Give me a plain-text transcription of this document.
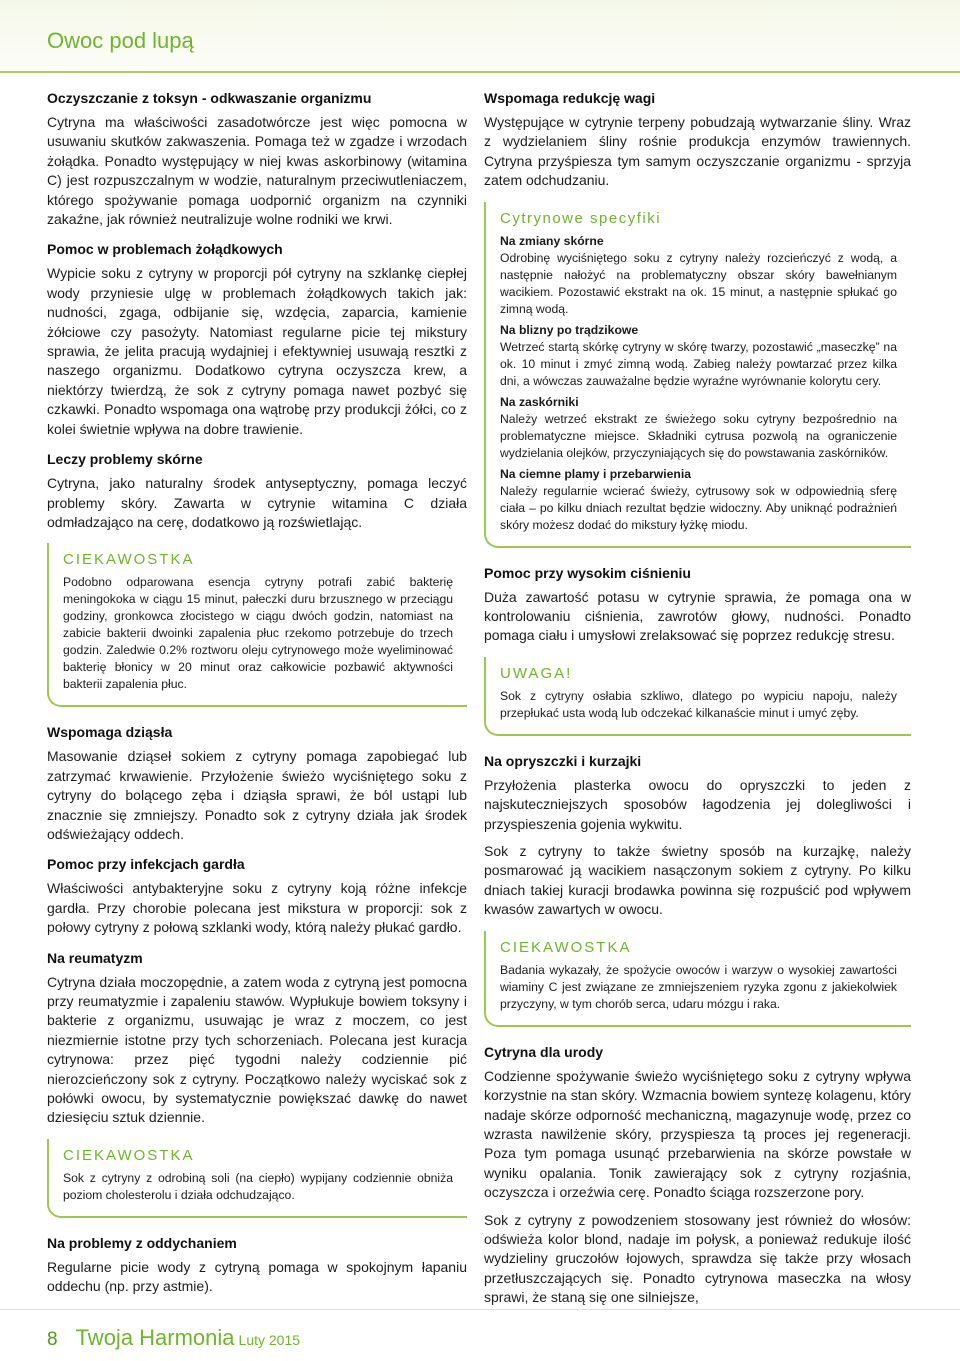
Owoc pod lupą
Oczyszczanie z toksyn - odkwaszanie organizmu

Cytryna ma właściwości zasadotwórcze jest więc pomocna w usuwaniu skutków zakwaszenia. Pomaga też w zgadze i wrzodach żołądka. Ponadto występujący w niej kwas askorbinowy (witamina C) jest rozpuszczalnym w wodzie, naturalnym przeciwutleniaczem, którego spożywanie pomaga uodpornić organizm na czynniki zakaźne, jak również neutralizuje wolne rodniki we krwi.

Pomoc w problemach żołądkowych

Wypicie soku z cytryny w proporcji pół cytryny na szklankę ciepłej wody przyniesie ulgę w problemach żołądkowych takich jak: nudności, zgaga, odbijanie się, wzdęcia, zaparcia, kamienie żółciowe czy pasożyty. Natomiast regularne picie tej mikstury sprawia, że jelita pracują wydajniej i efektywniej usuwają resztki z naszego organizmu. Dodatkowo cytryna oczyszcza krew, a niektórzy twierdzą, że sok z cytryny pomaga nawet pozbyć się czkawki. Ponadto wspomaga ona wątrobę przy produkcji żółci, co z kolei świetnie wpływa na dobre trawienie.

Leczy problemy skórne

Cytryna, jako naturalny środek antyseptyczny, pomaga leczyć problemy skóry. Zawarta w cytrynie witamina C działa odmładzająco na cerę, dodatkowo ją rozświetlając.

CIEKAWOSTKA

Podobno odparowana esencja cytryny potrafi zabić bakterię meningokoka w ciągu 15 minut, pałeczki duru brzusznego w przeciągu godziny, gronkowca złocistego w ciągu dwóch godzin, natomiast na zabicie bakterii dwoinki zapalenia płuc rzekomo potrzebuje do trzech godzin. Zaledwie 0.2% roztworu oleju cytrynowego może wyeliminować bakterię błonicy w 20 minut oraz całkowicie pozbawić aktywności bakterii zapalenia płuc.

Wspomaga dziąsła

Masowanie dziąseł sokiem z cytryny pomaga zapobiegać lub zatrzymać krwawienie. Przyłożenie świeżo wyciśniętego soku z cytryny do bolącego zęba i dziąsła sprawi, że ból ustąpi lub znacznie się zmniejszy. Ponadto sok z cytryny działa jak środek odświeżający oddech.

Pomoc przy infekcjach gardła

Właściwości antybakteryjne soku z cytryny koją różne infekcje gardła. Przy chorobie polecana jest mikstura w proporcji: sok z połowy cytryny z połową szklanki wody, którą należy płukać gardło.

Na reumatyzm

Cytryna działa moczopędnie, a zatem woda z cytryną jest pomocna przy reumatyzmie i zapaleniu stawów. Wypłukuje bowiem toksyny i bakterie z organizmu, usuwając je wraz z moczem, co jest niezmiernie istotne przy tych schorzeniach. Polecana jest kuracja cytrynowa: przez pięć tygodni należy codziennie pić nierozcieńczony sok z cytryny. Początkowo należy wyciskać sok z połówki owocu, by systematycznie powiększać dawkę do nawet dziesięciu sztuk dziennie.

CIEKAWOSTKA

Sok z cytryny z odrobiną soli (na ciepło) wypijany codziennie obniża poziom cholesterolu i działa odchudzająco.

Na problemy z oddychaniem

Regularne picie wody z cytryną pomaga w spokojnym łapaniu oddechu (np. przy astmie).

Wspomaga redukcję wagi

Występujące w cytrynie terpeny pobudzają wytwarzanie śliny. Wraz z wydzielaniem śliny rośnie produkcja enzymów trawiennych. Cytryna przyśpiesza tym samym oczyszczanie organizmu - sprzyja zatem odchudzaniu.

Cytrynowe specyfiki
Na zmiany skórne

Odrobinę wyciśniętego soku z cytryny należy rozcieńczyć z wodą, a następnie nałożyć na problematyczny obszar skóry bawełnianym wacikiem. Pozostawić ekstrakt na ok. 15 minut, a następnie spłukać go zimną wodą.

Na blizny po trądzikowe

Wetrzeć startą skórkę cytryny w skórę twarzy, pozostawić „maseczkę” na ok. 10 minut i zmyć zimną wodą. Zabieg należy powtarzać przez kilka dni, a wówczas zauważalne będzie wyraźne wyrównanie kolorytu cery.

Na zaskórniki

Należy wetrzeć ekstrakt ze świeżego soku cytryny bezpośrednio na problematyczne miejsce. Składniki cytrusa pozwolą na ograniczenie wydzielania olejków, przyczyniających się do powstawania zaskórników.

Na ciemne plamy i przebarwienia

Należy regularnie wcierać świeży, cytrusowy sok w odpowiednią sferę ciała – po kilku dniach rezultat będzie widoczny. Aby uniknąć podrażnień skóry możesz dodać do mikstury łyżkę miodu.

Pomoc przy wysokim ciśnieniu

Duża zawartość potasu w cytrynie sprawia, że pomaga ona w kontrolowaniu ciśnienia, zawrotów głowy, nudności. Ponadto pomaga ciału i umysłowi zrelaksować się poprzez redukcję stresu.

UWAGA!

Sok z cytryny osłabia szkliwo, dlatego po wypiciu napoju, należy przepłukać usta wodą lub odczekać kilkanaście minut i umyć zęby.

Na opryszczki i kurzajki

Przyłożenia plasterka owocu do opryszczki to jeden z najskuteczniejszych sposobów łagodzenia jej dolegliwości i przyspieszenia gojenia wykwitu.

Sok z cytryny to także świetny sposób na kurzajkę, należy posmarować ją wacikiem nasączonym sokiem z cytryny. Po kilku dniach takiej kuracji brodawka powinna się rozpuścić pod wpływem kwasów zawartych w owocu.

CIEKAWOSTKA

Badania wykazały, że spożycie owoców i warzyw o wysokiej zawartości wiaminy C jest związane ze zmniejszeniem ryzyka zgonu z jakiekolwiek przyczyny, w tym chorób serca, udaru mózgu i raka.

Cytryna dla urody

Codzienne spożywanie świeżo wyciśniętego soku z cytryny wpływa korzystnie na stan skóry. Wzmacnia bowiem syntezę kolagenu, który nadaje skórze odporność mechaniczną, magazynuje wodę, przez co wzrasta nawilżenie skóry, przyspiesza tą proces jej regeneracji. Poza tym pomaga usunąć przebarwienia na skórze powstałe w wyniku opalania. Tonik zawierający sok z cytryny rozjaśnia, oczyszcza i orzeźwia cerę. Ponadto ściąga rozszerzone pory.

Sok z cytryny z powodzeniem stosowany jest również do włosów: odświeża kolor blond, nadaje im połysk, a ponieważ redukuje ilość wydzieliny gruczołów łojowych, sprawdza się także przy włosach przetłuszczających się. Ponadto cytrynowa maseczka na włosy sprawi, że staną się one silniejsze,

8 Twoja Harmonia Luty 2015
